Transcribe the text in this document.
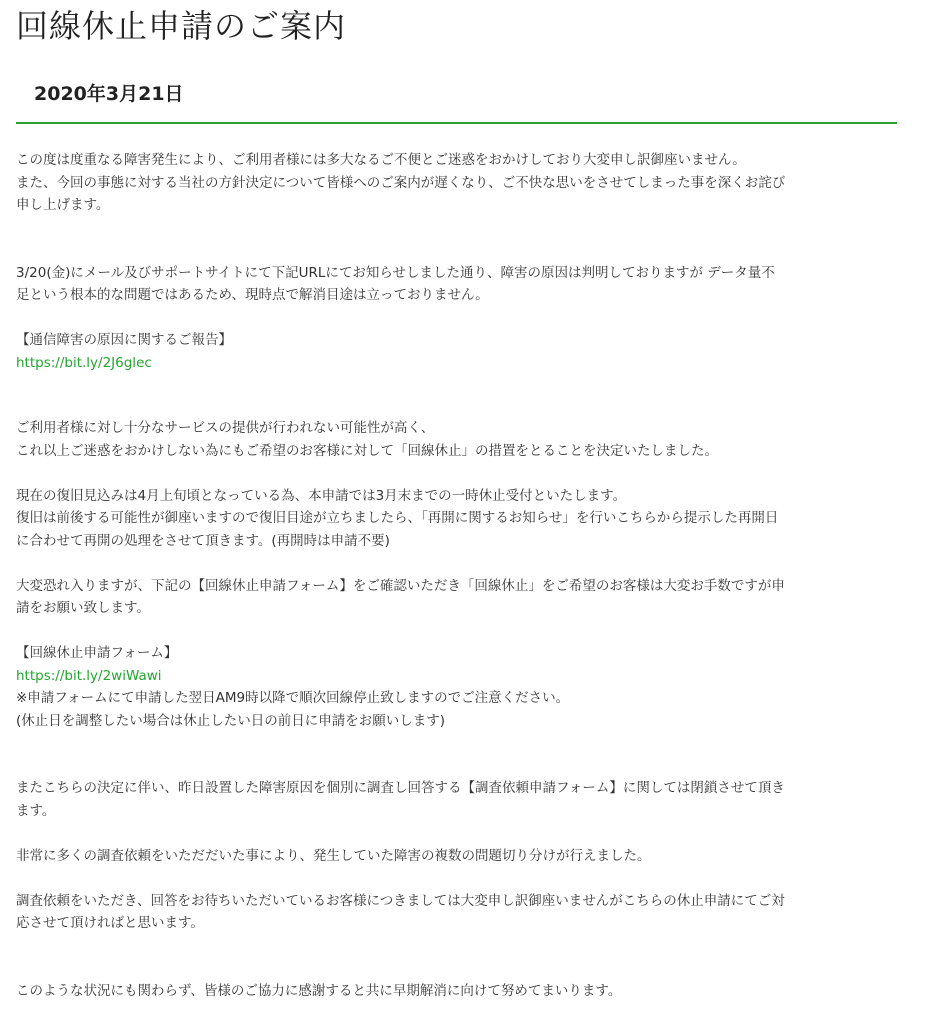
回線休止申請のご案内
2020年3月21日

この度は度重なる障害発生により、ご利用者様には多大なるご不便とご迷惑をおかけしており大変申し訳御座いません。
また、今回の事態に対する当社の方針決定について皆様へのご案内が遅くなり、ご不快な思いをさせてしまった事を深くお詫び
申し上げます。

3/20(金)にメール及びサポートサイトにて下記URLにてお知らせしました通り、障害の原因は判明しておりますが データ量不
足という根本的な問題ではあるため、現時点で解消目途は立っておりません。

【通信障害の原因に関するご報告】
https://bit.ly/2J6glec

ご利用者様に対し十分なサービスの提供が行われない可能性が高く、
これ以上ご迷惑をおかけしない為にもご希望のお客様に対して「回線休止」の措置をとることを決定いたしました。

現在の復旧見込みは4月上旬頃となっている為、本申請では3月末までの一時休止受付といたします。
復旧は前後する可能性が御座いますので復旧目途が立ちましたら、「再開に関するお知らせ」を行いこちらから提示した再開日
に合わせて再開の処理をさせて頂きます。(再開時は申請不要)

大変恐れ入りますが、下記の【回線休止申請フォーム】をご確認いただき「回線休止」をご希望のお客様は大変お手数ですが申
請をお願い致します。

【回線休止申請フォーム】
https://bit.ly/2wiWawi
※申請フォームにて申請した翌日AM9時以降で順次回線停止致しますのでご注意ください。
(休止日を調整したい場合は休止したい日の前日に申請をお願いします)

またこちらの決定に伴い、昨日設置した障害原因を個別に調査し回答する【調査依頼申請フォーム】に関しては閉鎖させて頂き
ます。

非常に多くの調査依頼をいただだいた事により、発生していた障害の複数の問題切り分けが行えました。

調査依頼をいただき、回答をお待ちいただいているお客様につきましては大変申し訳御座いませんがこちらの休止申請にてご対
応させて頂ければと思います。

このような状況にも関わらず、皆様のご協力に感謝すると共に早期解消に向けて努めてまいります。
